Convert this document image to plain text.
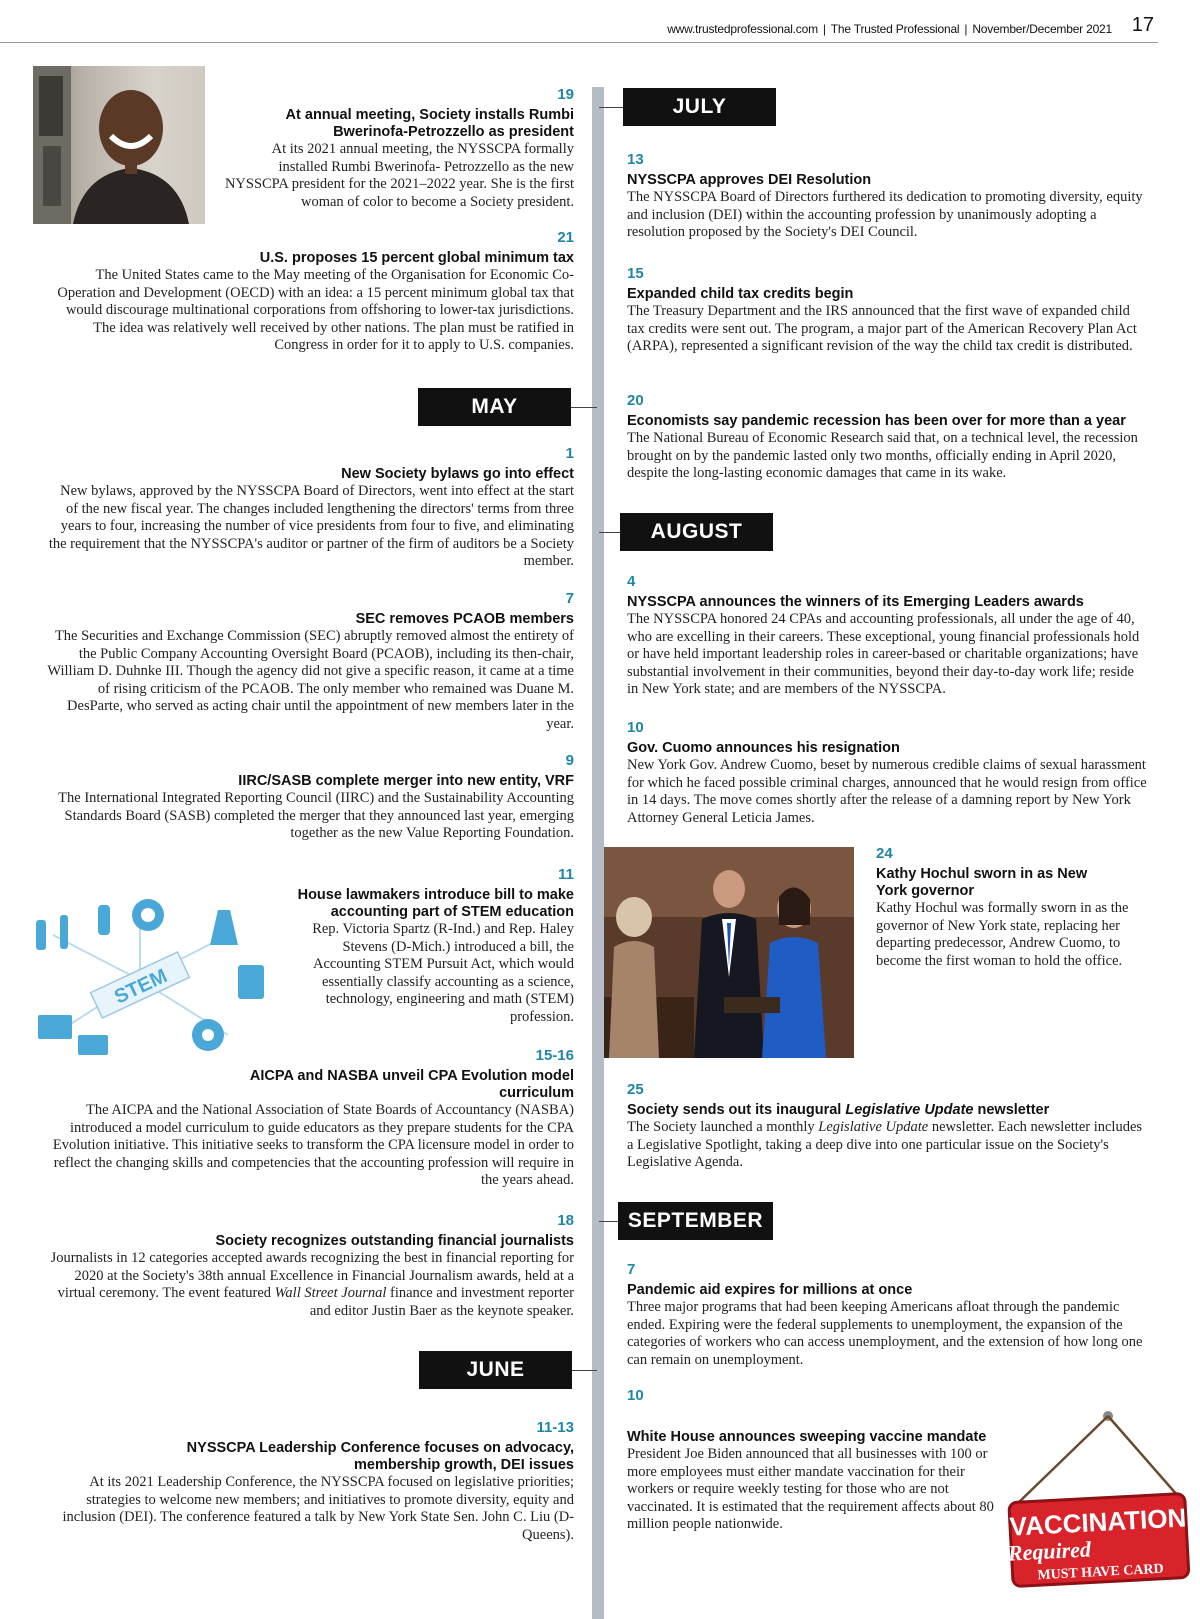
www.trustedprofessional.com | The Trusted Professional | November/December 2021 17
MAY
JUNE
JULY
AUGUST
SEPTEMBER
STEM
VACCINATION
Required
MUST HAVE CARD
19
At annual meeting, Society installs Rumbi Bwerinofa-Petrozzello as president
At its 2021 annual meeting, the NYSSCPA formally installed Rumbi Bwerinofa- Petrozzello as the new NYSSCPA president for the 2021–2022 year. She is the first woman of color to become a Society president.
21
U.S. proposes 15 percent global minimum tax
The United States came to the May meeting of the Organisation for Economic Co-Operation and Development (OECD) with an idea: a 15 percent minimum global tax that would discourage multinational corporations from offshoring to lower-tax jurisdictions. The idea was relatively well received by other nations. The plan must be ratified in Congress in order for it to apply to U.S. companies.
1
New Society bylaws go into effect
New bylaws, approved by the NYSSCPA Board of Directors, went into effect at the start of the new fiscal year. The changes included lengthening the directors' terms from three years to four, increasing the number of vice presidents from four to five, and eliminating the requirement that the NYSSCPA's auditor or partner of the firm of auditors be a Society member.
7
SEC removes PCAOB members
The Securities and Exchange Commission (SEC) abruptly removed almost the entirety of the Public Company Accounting Oversight Board (PCAOB), including its then-chair, William D. Duhnke III. Though the agency did not give a specific reason, it came at a time of rising criticism of the PCAOB. The only member who remained was Duane M. DesParte, who served as acting chair until the appointment of new members later in the year.
9
IIRC/SASB complete merger into new entity, VRF
The International Integrated Reporting Council (IIRC) and the Sustainability Accounting Standards Board (SASB) completed the merger that they announced last year, emerging together as the new Value Reporting Foundation.
11
House lawmakers introduce bill to make accounting part of STEM education
Rep. Victoria Spartz (R-Ind.) and Rep. Haley Stevens (D-Mich.) introduced a bill, the Accounting STEM Pursuit Act, which would essentially classify accounting as a science, technology, engineering and math (STEM) profession.
15-16
AICPA and NASBA unveil CPA Evolution model curriculum
The AICPA and the National Association of State Boards of Accountancy (NASBA) introduced a model curriculum to guide educators as they prepare students for the CPA Evolution initiative. This initiative seeks to transform the CPA licensure model in order to reflect the changing skills and competencies that the accounting profession will require in the years ahead.
18
Society recognizes outstanding financial journalists
Journalists in 12 categories accepted awards recognizing the best in financial reporting for 2020 at the Society's 38th annual Excellence in Financial Journalism awards, held at a virtual ceremony. The event featured Wall Street Journal finance and investment reporter and editor Justin Baer as the keynote speaker.
11-13
NYSSCPA Leadership Conference focuses on advocacy, membership growth, DEI issues
At its 2021 Leadership Conference, the NYSSCPA focused on legislative priorities; strategies to welcome new members; and initiatives to promote diversity, equity and inclusion (DEI). The conference featured a talk by New York State Sen. John C. Liu (D-Queens).
13
NYSSCPA approves DEI Resolution
The NYSSCPA Board of Directors furthered its dedication to promoting diversity, equity and inclusion (DEI) within the accounting profession by unanimously adopting a resolution proposed by the Society's DEI Council.
15
Expanded child tax credits begin
The Treasury Department and the IRS announced that the first wave of expanded child tax credits were sent out. The program, a major part of the American Recovery Plan Act (ARPA), represented a significant revision of the way the child tax credit is distributed.
20
Economists say pandemic recession has been over for more than a year
The National Bureau of Economic Research said that, on a technical level, the recession brought on by the pandemic lasted only two months, officially ending in April 2020, despite the long-lasting economic damages that came in its wake.
4
NYSSCPA announces the winners of its Emerging Leaders awards
The NYSSCPA honored 24 CPAs and accounting professionals, all under the age of 40, who are excelling in their careers. These exceptional, young financial professionals hold or have held important leadership roles in career-based or charitable organizations; have substantial involvement in their communities, beyond their day-to-day work life; reside in New York state; and are members of the NYSSCPA.
10
Gov. Cuomo announces his resignation
New York Gov. Andrew Cuomo, beset by numerous credible claims of sexual harassment for which he faced possible criminal charges, announced that he would resign from office in 14 days. The move comes shortly after the release of a damning report by New York Attorney General Leticia James.
24
Kathy Hochul sworn in as New York governor
Kathy Hochul was formally sworn in as the governor of New York state, replacing her departing predecessor, Andrew Cuomo, to become the first woman to hold the office.
25
Society sends out its inaugural Legislative Update newsletter
The Society launched a monthly Legislative Update newsletter. Each newsletter includes a Legislative Spotlight, taking a deep dive into one particular issue on the Society's Legislative Agenda.
7
Pandemic aid expires for millions at once
Three major programs that had been keeping Americans afloat through the pandemic ended. Expiring were the federal supplements to unemployment, the expansion of the categories of workers who can access unemployment, and the extension of how long one can remain on unemployment.
10
White House announces sweeping vaccine mandate
President Joe Biden announced that all businesses with 100 or more employees must either mandate vaccination for their workers or require weekly testing for those who are not vaccinated. It is estimated that the requirement affects about 80 million people nationwide.
